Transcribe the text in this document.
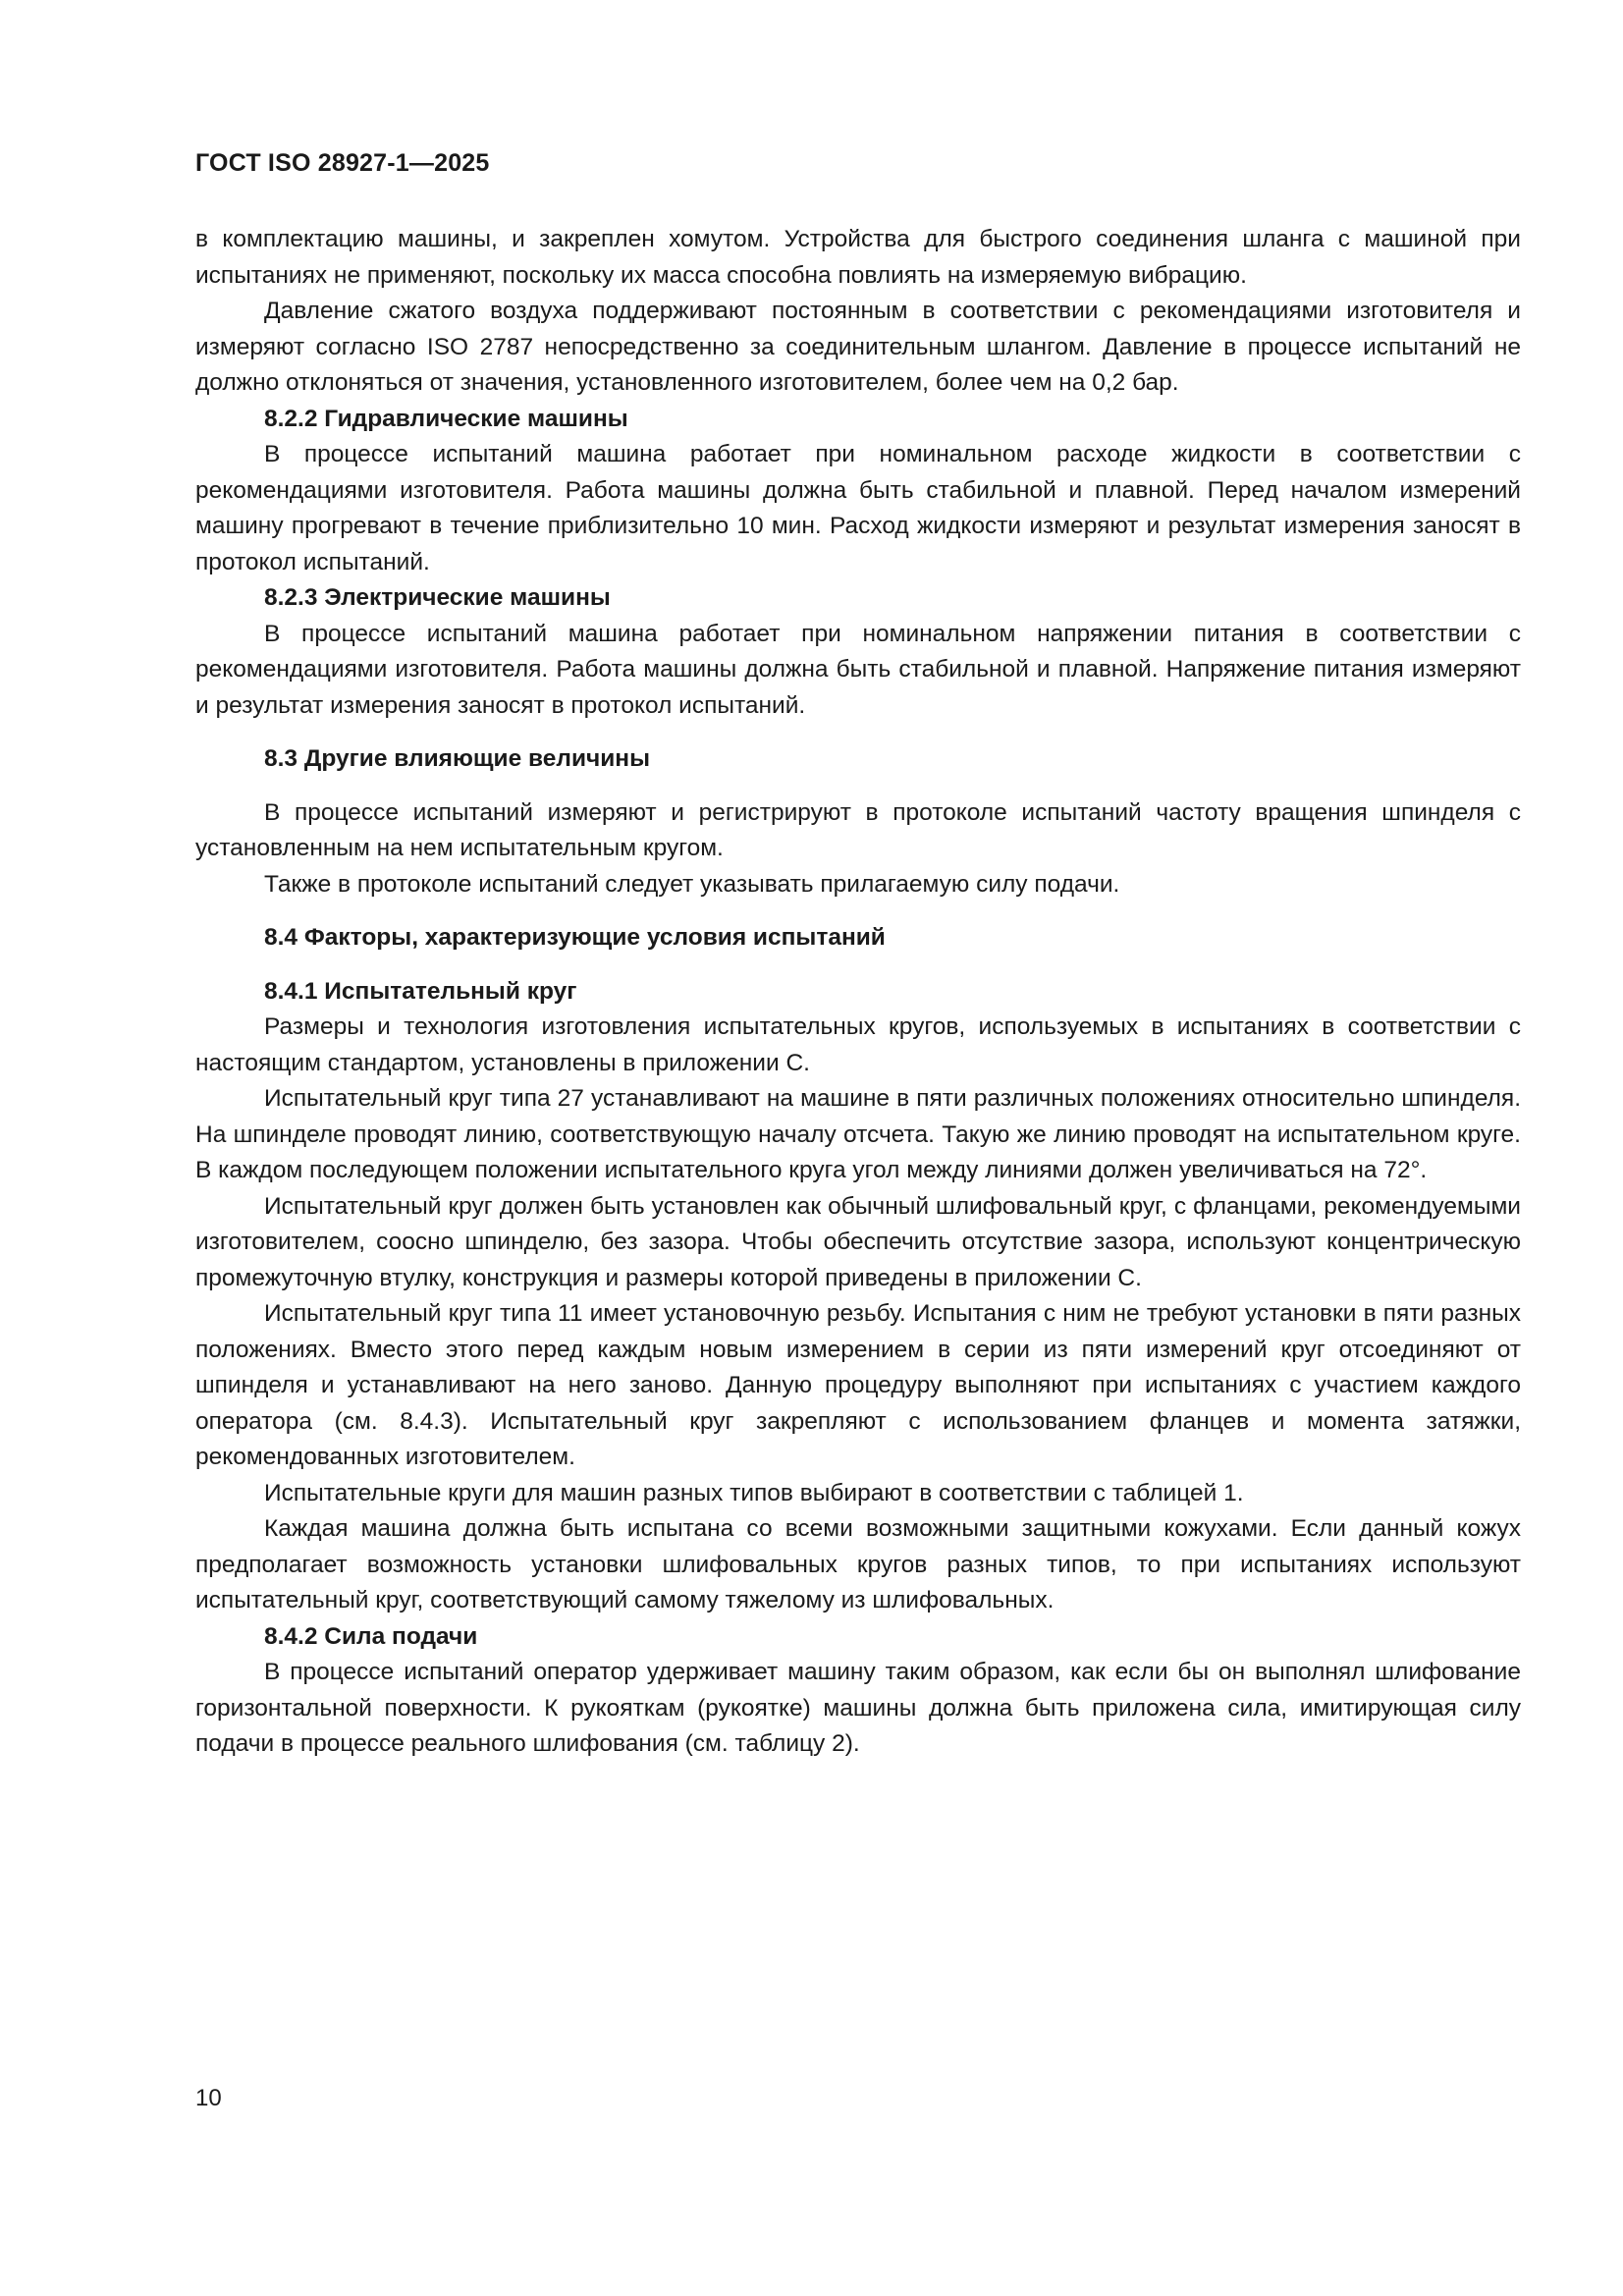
ГОСТ ISO 28927-1—2025

в комплектацию машины, и закреплен хомутом. Устройства для быстрого соединения шланга с машиной при испытаниях не применяют, поскольку их масса способна повлиять на измеряемую вибрацию.

Давление сжатого воздуха поддерживают постоянным в соответствии с рекомендациями изготовителя и измеряют согласно ISO 2787 непосредственно за соединительным шлангом. Давление в процессе испытаний не должно отклоняться от значения, установленного изготовителем, более чем на 0,2 бар.

8.2.2 Гидравлические машины

В процессе испытаний машина работает при номинальном расходе жидкости в соответствии с рекомендациями изготовителя. Работа машины должна быть стабильной и плавной. Перед началом измерений машину прогревают в течение приблизительно 10 мин. Расход жидкости измеряют и результат измерения заносят в протокол испытаний.

8.2.3 Электрические машины

В процессе испытаний машина работает при номинальном напряжении питания в соответствии с рекомендациями изготовителя. Работа машины должна быть стабильной и плавной. Напряжение питания измеряют и результат измерения заносят в протокол испытаний.

8.3 Другие влияющие величины

В процессе испытаний измеряют и регистрируют в протоколе испытаний частоту вращения шпинделя с установленным на нем испытательным кругом.

Также в протоколе испытаний следует указывать прилагаемую силу подачи.

8.4 Факторы, характеризующие условия испытаний
8.4.1 Испытательный круг

Размеры и технология изготовления испытательных кругов, используемых в испытаниях в соответствии с настоящим стандартом, установлены в приложении С.

Испытательный круг типа 27 устанавливают на машине в пяти различных положениях относительно шпинделя. На шпинделе проводят линию, соответствующую началу отсчета. Такую же линию проводят на испытательном круге. В каждом последующем положении испытательного круга угол между линиями должен увеличиваться на 72°.

Испытательный круг должен быть установлен как обычный шлифовальный круг, с фланцами, рекомендуемыми изготовителем, соосно шпинделю, без зазора. Чтобы обеспечить отсутствие зазора, используют концентрическую промежуточную втулку, конструкция и размеры которой приведены в приложении С.

Испытательный круг типа 11 имеет установочную резьбу. Испытания с ним не требуют установки в пяти разных положениях. Вместо этого перед каждым новым измерением в серии из пяти измерений круг отсоединяют от шпинделя и устанавливают на него заново. Данную процедуру выполняют при испытаниях с участием каждого оператора (см. 8.4.3). Испытательный круг закрепляют с использованием фланцев и момента затяжки, рекомендованных изготовителем.

Испытательные круги для машин разных типов выбирают в соответствии с таблицей 1.

Каждая машина должна быть испытана со всеми возможными защитными кожухами. Если данный кожух предполагает возможность установки шлифовальных кругов разных типов, то при испытаниях используют испытательный круг, соответствующий самому тяжелому из шлифовальных.

8.4.2 Сила подачи

В процессе испытаний оператор удерживает машину таким образом, как если бы он выполнял шлифование горизонтальной поверхности. К рукояткам (рукоятке) машины должна быть приложена сила, имитирующая силу подачи в процессе реального шлифования (см. таблицу 2).

10
